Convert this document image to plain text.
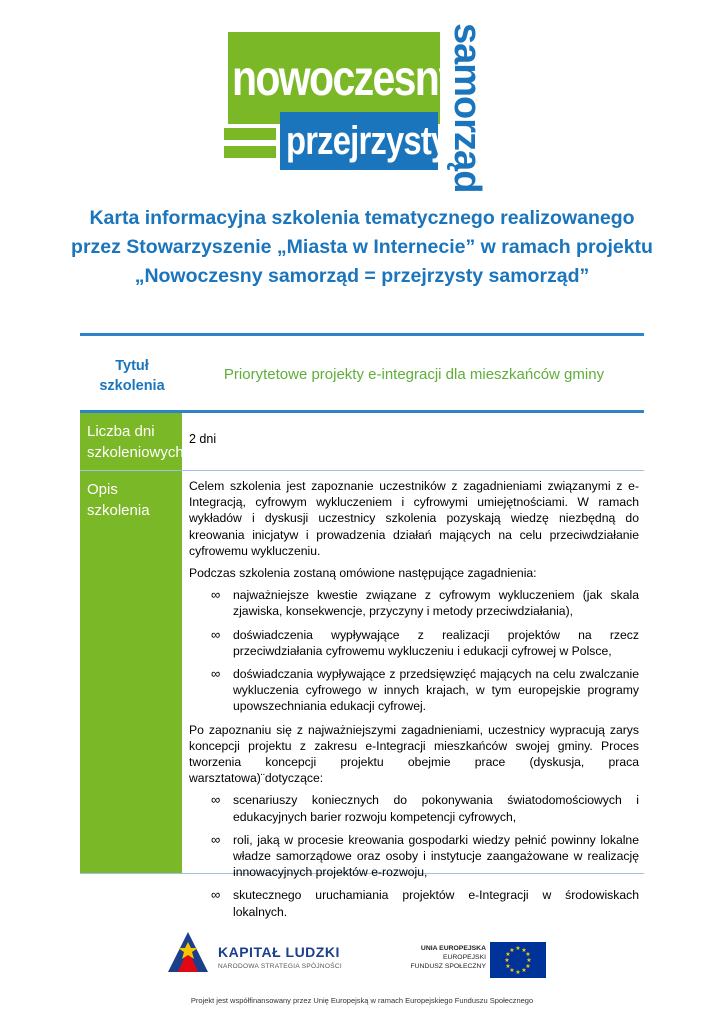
nowoczesny
przejrzysty
samorząd
Karta informacyjna szkolenia tematycznego realizowanego
przez Stowarzyszenie „Miasta w Internecie” w ramach projektu
„Nowoczesny samorząd = przejrzysty samorząd”
Tytuł
szkolenia
Priorytetowe projekty e-integracji dla mieszkańców gminy
Liczba dni
szkoleniowych
2 dni
Opis
szkolenia

Celem szkolenia jest zapoznanie uczestników z zagadnieniami związanymi z e-Integracją, cyfrowym wykluczeniem i cyfrowymi umiejętnościami. W ramach wykładów i dyskusji uczestnicy szkolenia pozyskają wiedzę niezbędną do kreowania inicjatyw i prowadzenia działań mających na celu przeciwdziałanie cyfrowemu wykluczeniu.

Podczas szkolenia zostaną omówione następujące zagadnienia:

∞ najważniejsze kwestie związane z cyfrowym wykluczeniem (jak skala zjawiska, konsekwencje, przyczyny i metody przeciwdziałania),
∞ doświadczenia wypływające z realizacji projektów na rzecz przeciwdziałania cyfrowemu wykluczeniu i edukacji cyfrowej w Polsce,
∞ doświadczania wypływające z przedsięwzięć mających na celu zwalczanie wykluczenia cyfrowego w innych krajach, w tym europejskie programy upowszechniania edukacji cyfrowej.

Po zapoznaniu się z najważniejszymi zagadnieniami, uczestnicy wypracują zarys koncepcji projektu z zakresu e-Integracji mieszkańców swojej gminy. Proces tworzenia koncepcji projektu obejmie prace (dyskusja, praca warsztatowa)¨dotyczące:

∞ scenariuszy koniecznych do pokonywania światodomościowych i edukacyjnych barier rozwoju kompetencji cyfrowych,
∞ roli, jaką w procesie kreowania gospodarki wiedzy pełnić powinny lokalne władze samorządowe oraz osoby i instytucje zaangażowane w realizację innowacyjnych projektów e-rozwoju,
∞ skutecznego uruchamiania projektów e-Integracji w środowiskach lokalnych.
KAPITAŁ LUDZKI
NARODOWA STRATEGIA SPÓJNOŚCI
UNIA EUROPEJSKA
EUROPEJSKI
FUNDUSZ SPOŁECZNY
★ ★
★
★
★
★
★
★
★
★
★
★
Projekt jest współfinansowany przez Unię Europejską w ramach Europejskiego Funduszu Społecznego
